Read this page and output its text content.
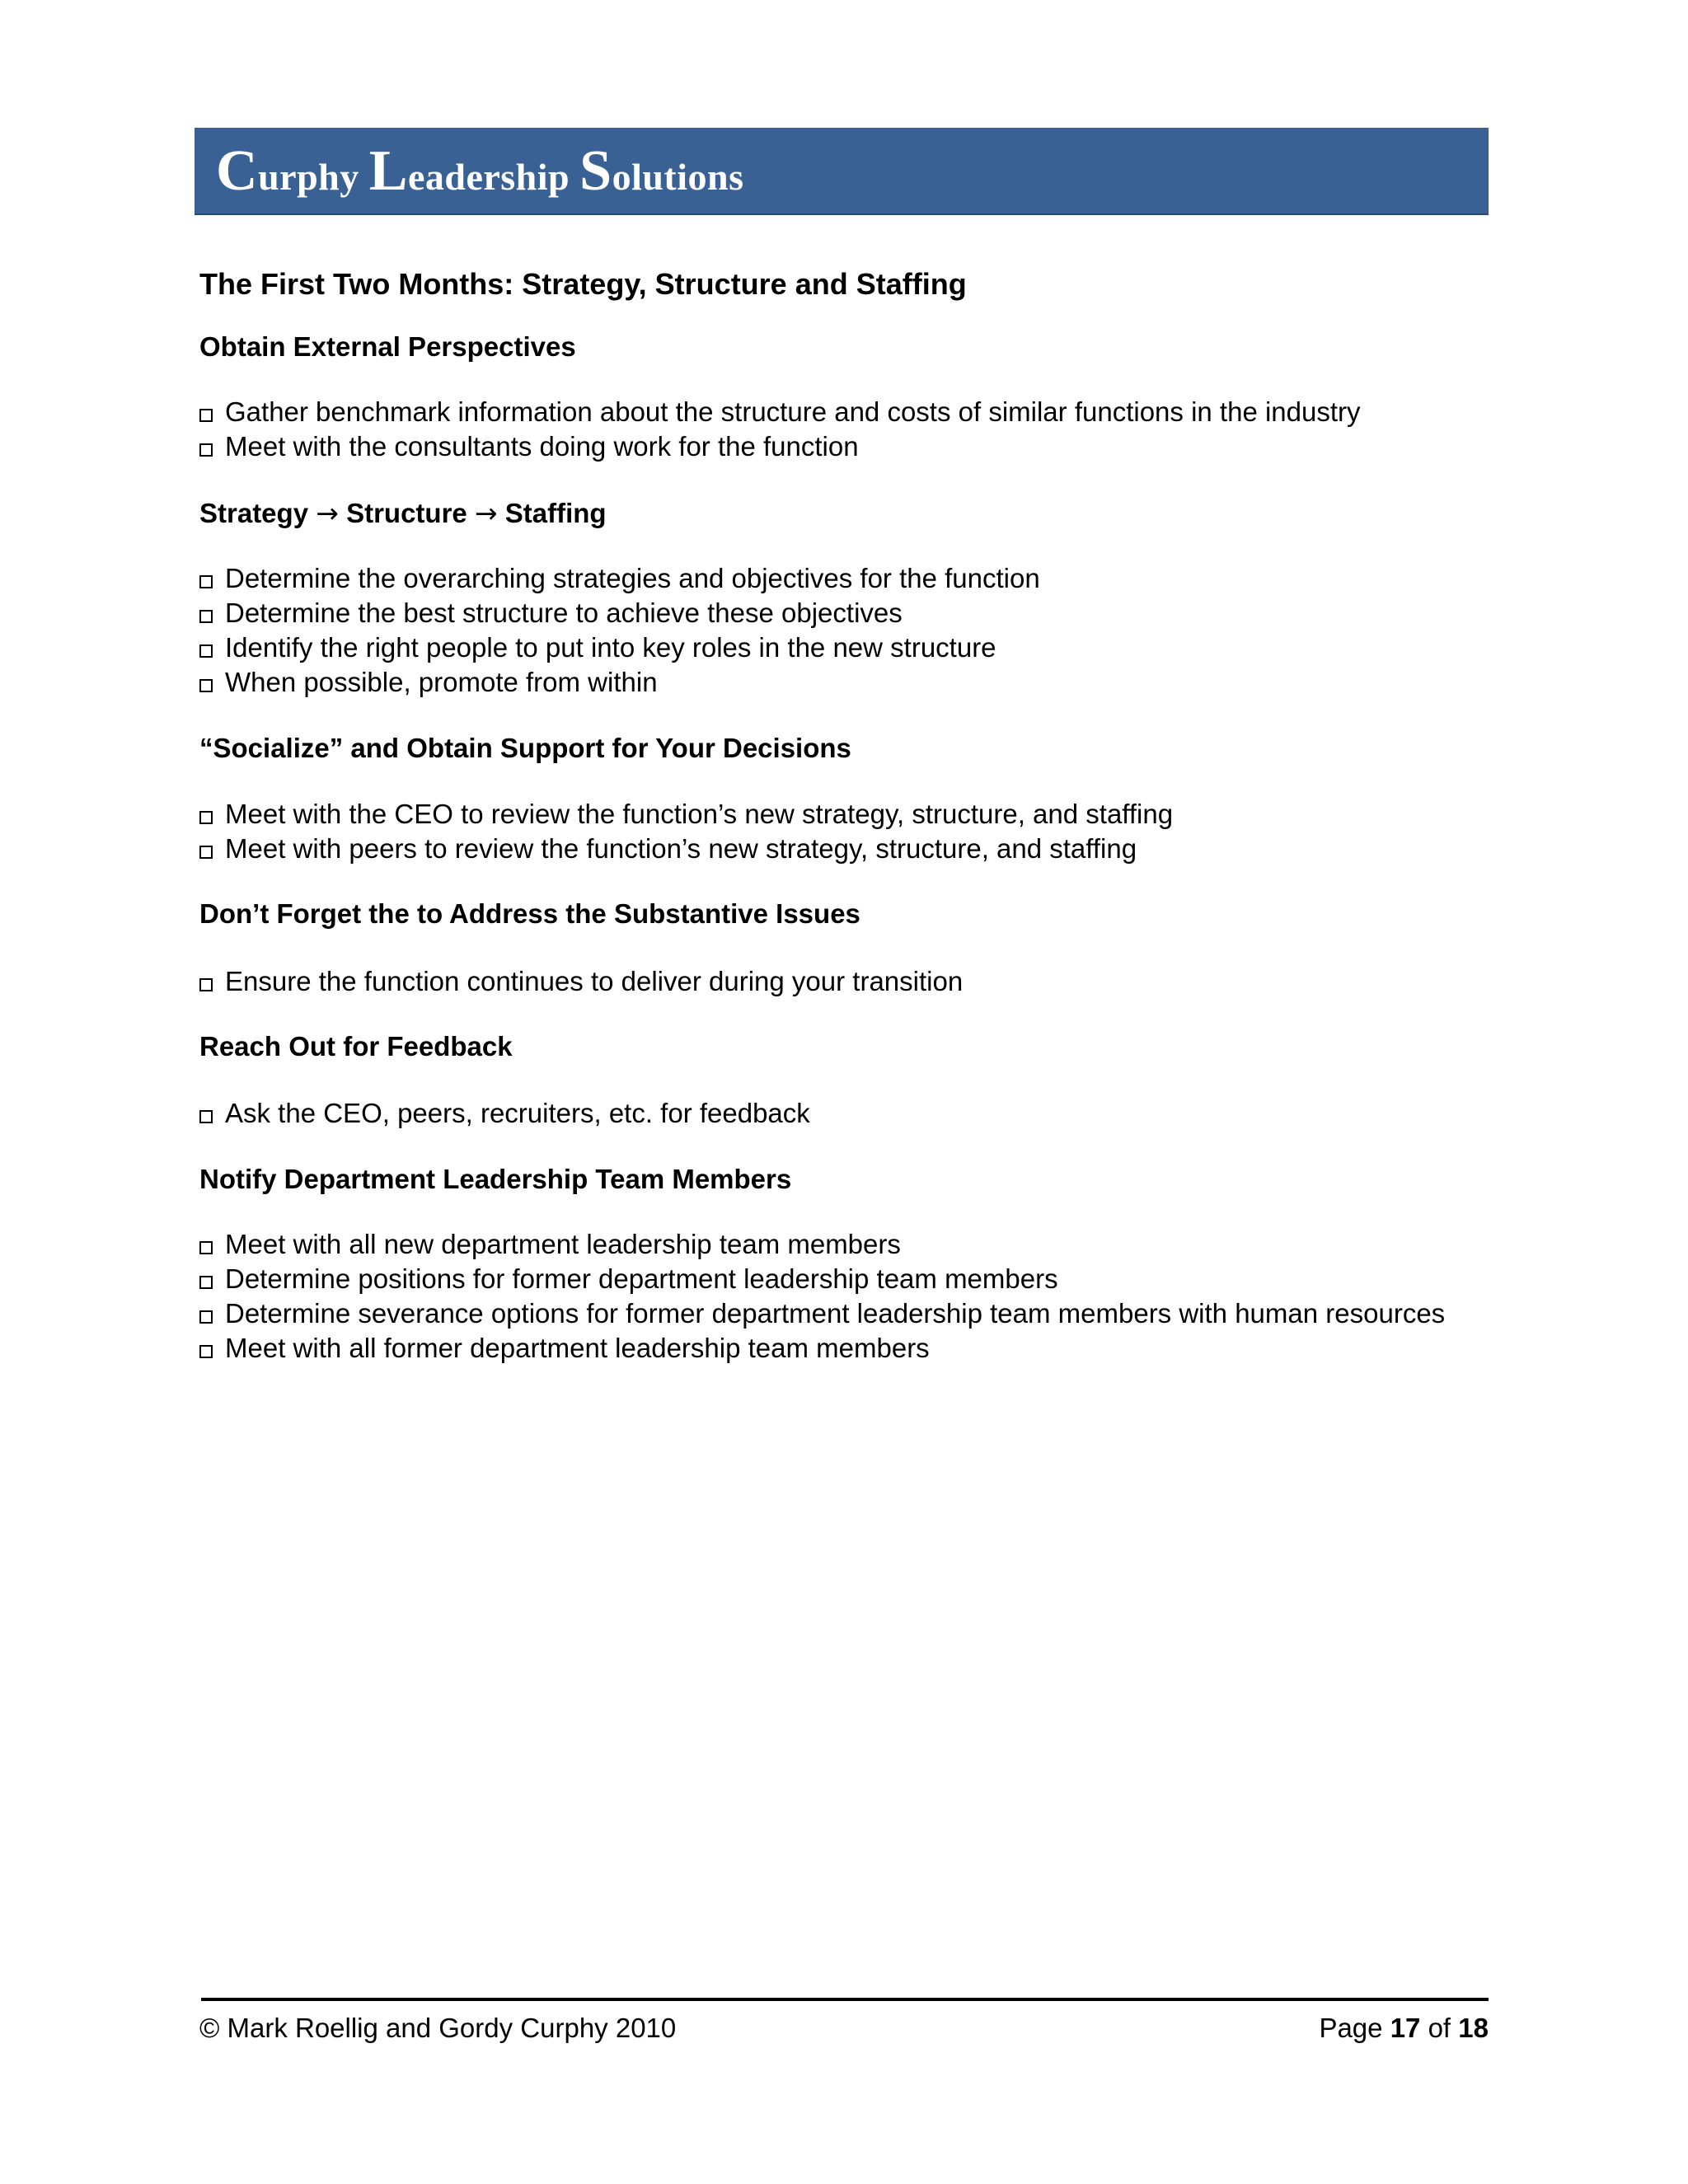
Curphy Leadership Solutions
The First Two Months: Strategy, Structure and Staffing
Obtain External Perspectives
Gather benchmark information about the structure and costs of similar functions in the industry
Meet with the consultants doing work for the function
Strategy → Structure → Staffing
Determine the overarching strategies and objectives for the function
Determine the best structure to achieve these objectives
Identify the right people to put into key roles in the new structure
When possible, promote from within
“Socialize” and Obtain Support for Your Decisions
Meet with the CEO to review the function’s new strategy, structure, and staffing
Meet with peers to review the function’s new strategy, structure, and staffing
Don’t Forget the to Address the Substantive Issues
Ensure the function continues to deliver during your transition
Reach Out for Feedback
Ask the CEO, peers, recruiters, etc. for feedback
Notify Department Leadership Team Members
Meet with all new department leadership team members
Determine positions for former department leadership team members
Determine severance options for former department leadership team members with human resources
Meet with all former department leadership team members
© Mark Roellig and Gordy Curphy 2010	Page 17 of 18
